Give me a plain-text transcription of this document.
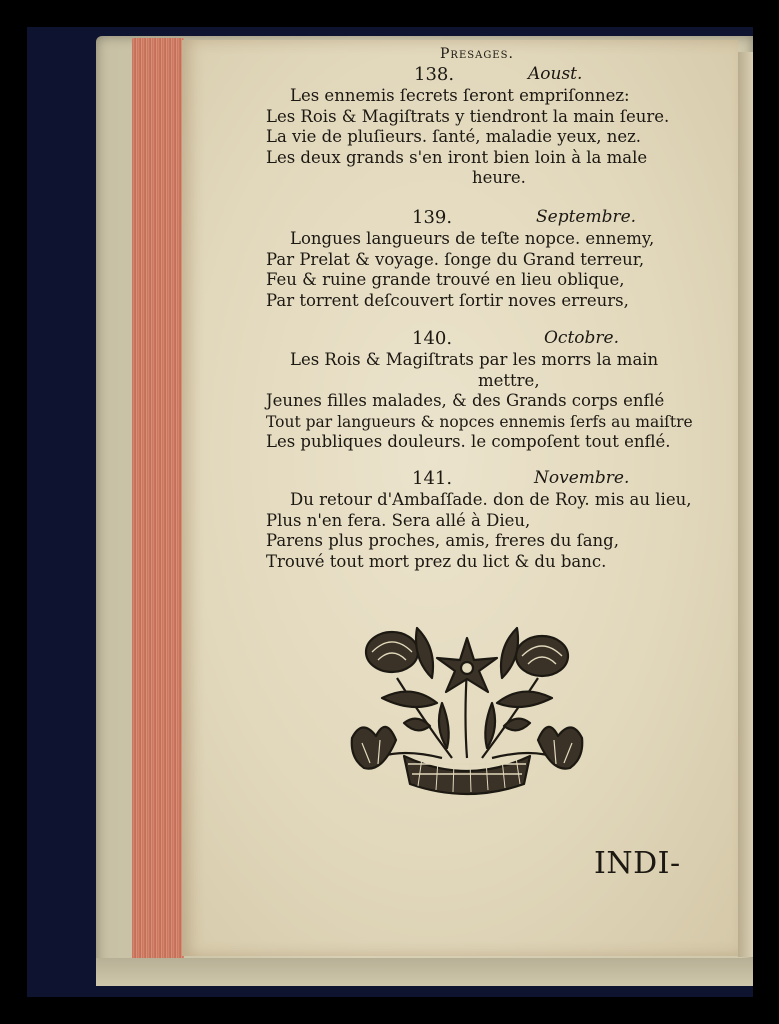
Presages.
138.	Aoust.
Les ennemis ſecrets ſeront empriſonnez:
Les Rois & Magiſtrats y tiendront la main ſeure.
La vie de pluſieurs. ſanté, maladie yeux, nez.
Les deux grands s'en iront bien loin à la male
heure.
139.	Septembre.
Longues langueurs de teſte nopce. ennemy,
Par Prelat & voyage. ſonge du Grand terreur,
Feu & ruine grande trouvé en lieu oblique,
Par torrent deſcouvert ſortir noves erreurs,
140.	Octobre.
Les Rois & Magiſtrats par les morrs la main
mettre,
Jeunes filles malades, & des Grands corps enflé
Tout par langueurs & nopces ennemis ſerfs au maiſtre
Les publiques douleurs. le compoſent tout enflé.
141.	Novembre.
Du retour d'Ambaſſade. don de Roy. mis au lieu,
Plus n'en fera. Sera allé à Dieu,
Parens plus proches, amis, freres du ſang,
Trouvé tout mort prez du lict & du banc.
INDI-
